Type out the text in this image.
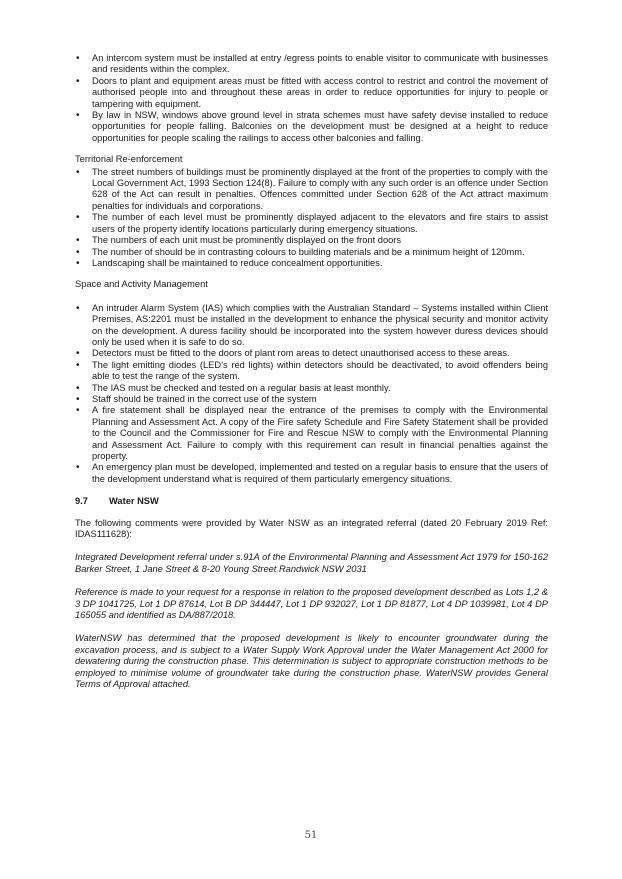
• An intercom system must be installed at entry /egress points to enable visitor to communicate with businesses and residents within the complex.
• Doors to plant and equipment areas must be fitted with access control to restrict and control the movement of authorised people into and throughout these areas in order to reduce opportunities for injury to people or tampering with equipment.
• By law in NSW, windows above ground level in strata schemes must have safety devise installed to reduce opportunities for people falling. Balconies on the development must be designed at a height to reduce opportunities for people scaling the railings to access other balconies and falling.
Territorial Re-enforcement
• The street numbers of buildings must be prominently displayed at the front of the properties to comply with the Local Government Act, 1993 Section 124(8). Failure to comply with any such order is an offence under Section 628 of the Act can result in penalties. Offences committed under Section 628 of the Act attract maximum penalties for individuals and corporations.
• The number of each level must be prominently displayed adjacent to the elevators and fire stairs to assist users of the property identify locations particularly during emergency situations.
• The numbers of each unit must be prominently displayed on the front doors
• The number of should be in contrasting colours to building materials and be a minimum height of 120mm.
• Landscaping shall be maintained to reduce concealment opportunities.
Space and Activity Management
• An intruder Alarm System (IAS) which complies with the Australian Standard – Systems installed within Client Premises, AS:2201 must be installed in the development to enhance the physical security and monitor activity on the development. A duress facility should be incorporated into the system however duress devices should only be used when it is safe to do so.
• Detectors must be fitted to the doors of plant rom areas to detect unauthorised access to these areas.
• The light emitting diodes (LED’s red lights) within detectors should be deactivated, to avoid offenders being able to test the range of the system.
• The IAS must be checked and tested on a regular basis at least monthly.
• Staff should be trained in the correct use of the system
• A fire statement shall be displayed near the entrance of the premises to comply with the Environmental Planning and Assessment Act. A copy of the Fire safety Schedule and Fire Safety Statement shall be provided to the Council and the Commissioner for Fire and Rescue NSW to comply with the Environmental Planning and Assessment Act. Failure to comply with this requirement can result in financial penalties against the property.
• An emergency plan must be developed, implemented and tested on a regular basis to ensure that the users of the development understand what is required of them particularly emergency situations.
9.7 Water NSW

The following comments were provided by Water NSW as an integrated referral (dated 20 February 2019 Ref: IDAS111628):

Integrated Development referral under s.91A of the Environmental Planning and Assessment Act 1979 for 150-162 Barker Street, 1 Jane Street & 8-20 Young Street Randwick NSW 2031

Reference is made to your request for a response in relation to the proposed development described as Lots 1,2 & 3 DP 1041725, Lot 1 DP 87614, Lot B DP 344447, Lot 1 DP 932027, Lot 1 DP 81877, Lot 4 DP 1039981, Lot 4 DP 165055 and identified as DA/887/2018.

WaterNSW has determined that the proposed development is likely to encounter groundwater during the excavation process, and is subject to a Water Supply Work Approval under the Water Management Act 2000 for dewatering during the construction phase. This determination is subject to appropriate construction methods to be employed to minimise volume of groundwater take during the construction phase. WaterNSW provides General Terms of Approval attached.

51
